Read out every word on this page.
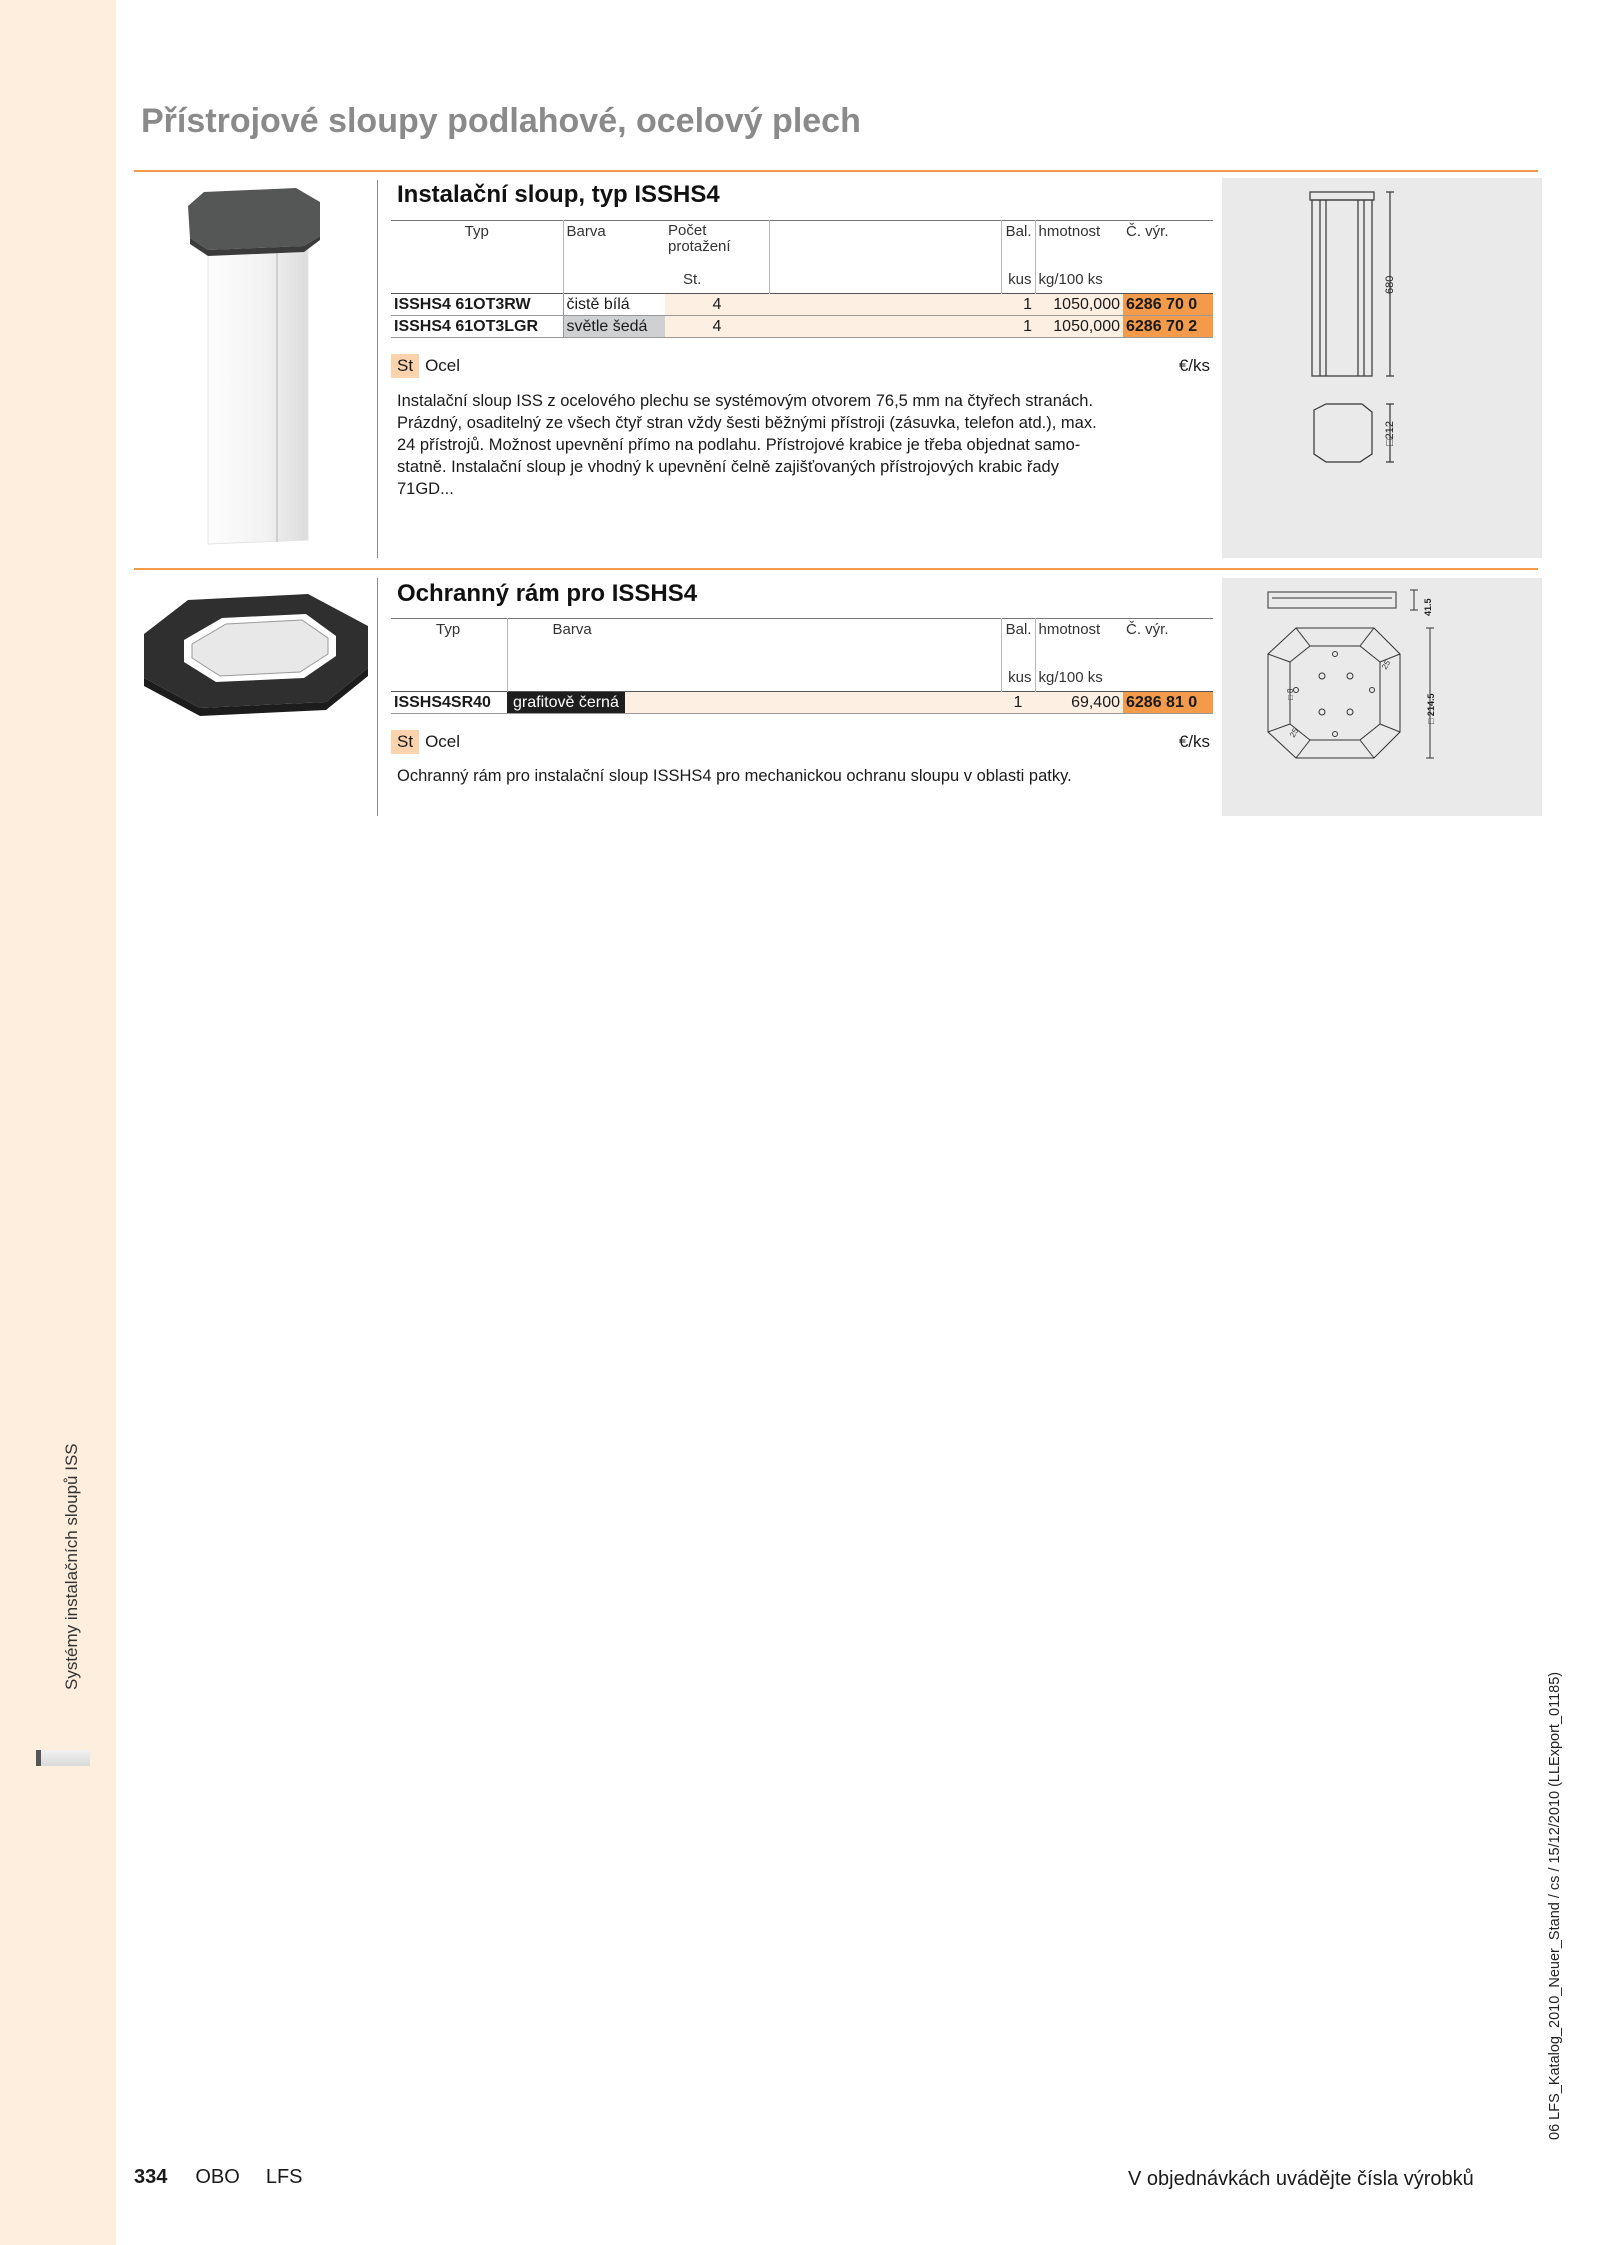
Systémy instalačních sloupů ISS
Přístrojové sloupy podlahové, ocelový plech
Instalační sloup, typ ISSHS4
Typ	Barva	Počet protažení		Bal.	hmotnost	Č. výr.
		St.		kus	kg/100 ks	
ISSHS4 61OT3RW	čistě bílá	4		1	1050,000	6286 70 0
ISSHS4 61OT3LGR	světle šedá	4		1	1050,000	6286 70 2
St Ocel	€/ks

Instalační sloup ISS z ocelového plechu se systémovým otvorem 76,5 mm na čtyřech stranách.

Prázdný, osaditelný ze všech čtyř stran vždy šesti běžnými přístroji (zásuvka, telefon atd.), max.

24 přístrojů. Možnost upevnění přímo na podlahu. Přístrojové krabice je třeba objednat samo-

statně. Instalační sloup je vhodný k upevnění čelně zajišťovaných přístrojových krabic řady

71GD...

680
□212
Ochranný rám pro ISSHS4
Typ	Barva		Bal.	hmotnost	Č. výr.
			kus	kg/100 ks	
ISSHS4SR40	grafitově černá		1	69,400	6286 81 0
St Ocel	€/ks

Ochranný rám pro instalační sloup ISSHS4 pro mechanickou ochranu sloupu v oblasti patky.

41.5
□ 214.5
25
25
□ 8
334 OBO LFS	V objednávkách uvádějte čísla výrobků
06 LFS_Katalog_2010_Neuer_Stand / cs / 15/12/2010 (LLExport_01185)
